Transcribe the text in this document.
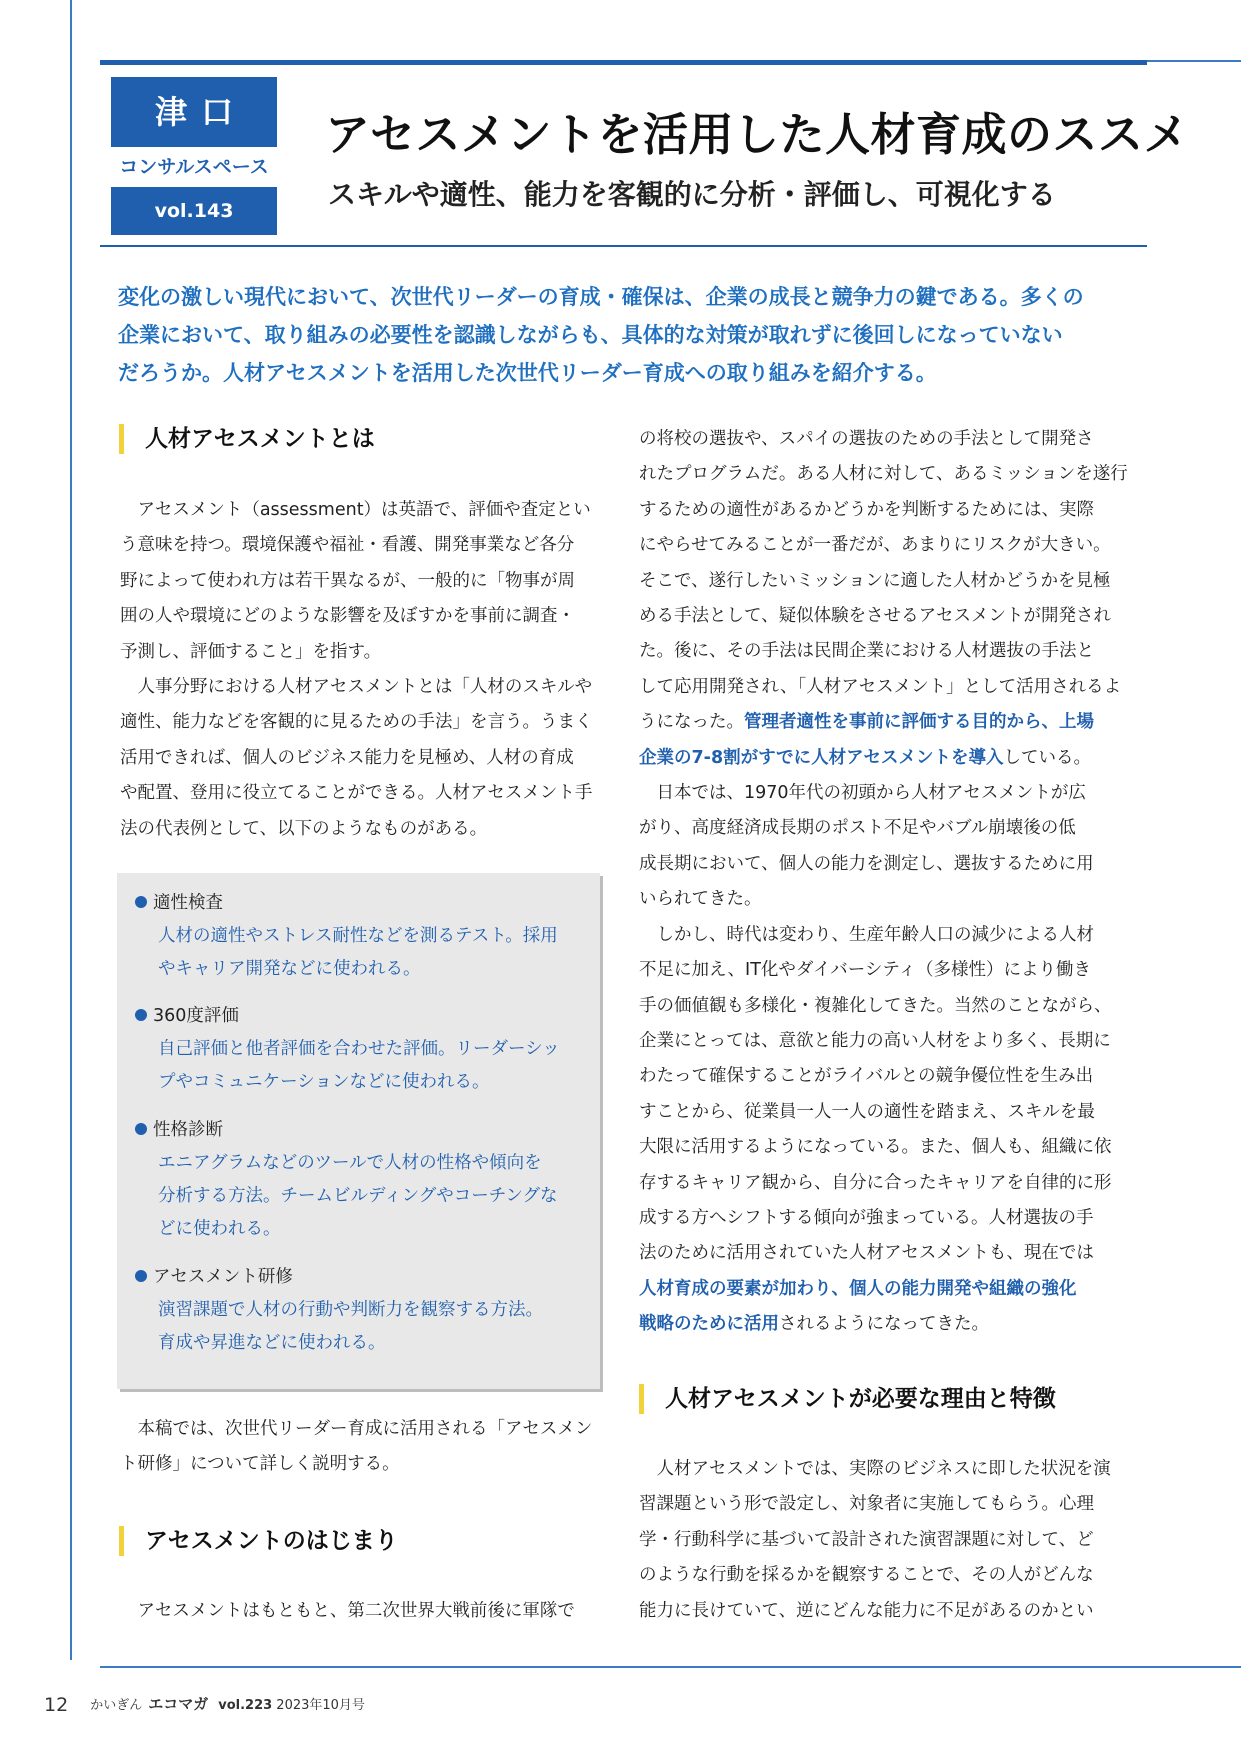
津口
コンサルスペース
vol.143
アセスメントを活用した人材育成のススメ
スキルや適性、能力を客観的に分析・評価し、可視化する

変化の激しい現代において、次世代リーダーの育成・確保は、企業の成長と競争力の鍵である。多くの

企業において、取り組みの必要性を認識しながらも、具体的な対策が取れずに後回しになっていない

だろうか。人材アセスメントを活用した次世代リーダー育成への取り組みを紹介する。

人材アセスメントとは

　アセスメント（assessment）は英語で、評価や査定とい

う意味を持つ。環境保護や福祉・看護、開発事業など各分

野によって使われ方は若干異なるが、一般的に「物事が周

囲の人や環境にどのような影響を及ぼすかを事前に調査・

予測し、評価すること」を指す。

　人事分野における人材アセスメントとは「人材のスキルや

適性、能力などを客観的に見るための手法」を言う。うまく

活用できれば、個人のビジネス能力を見極め、人材の育成

や配置、登用に役立てることができる。人材アセスメント手

法の代表例として、以下のようなものがある。

適性検査
人材の適性やストレス耐性などを測るテスト。採用
やキャリア開発などに使われる。
360度評価
自己評価と他者評価を合わせた評価。リーダーシッ
プやコミュニケーションなどに使われる。
性格診断
エニアグラムなどのツールで人材の性格や傾向を
分析する方法。チームビルディングやコーチングな
どに使われる。
アセスメント研修
演習課題で人材の行動や判断力を観察する方法。
育成や昇進などに使われる。

　本稿では、次世代リーダー育成に活用される「アセスメン

ト研修」について詳しく説明する。

アセスメントのはじまり

　アセスメントはもともと、第二次世界大戦前後に軍隊で

の将校の選抜や、スパイの選抜のための手法として開発さ

れたプログラムだ。ある人材に対して、あるミッションを遂行

するための適性があるかどうかを判断するためには、実際

にやらせてみることが一番だが、あまりにリスクが大きい。

そこで、遂行したいミッションに適した人材かどうかを見極

める手法として、疑似体験をさせるアセスメントが開発され

た。後に、その手法は民間企業における人材選抜の手法と

して応用開発され、「人材アセスメント」として活用されるよ

うになった。管理者適性を事前に評価する目的から、上場

企業の7-8割がすでに人材アセスメントを導入している。

　日本では、1970年代の初頭から人材アセスメントが広

がり、高度経済成長期のポスト不足やバブル崩壊後の低

成長期において、個人の能力を測定し、選抜するために用

いられてきた。

　しかし、時代は変わり、生産年齢人口の減少による人材

不足に加え、IT化やダイバーシティ（多様性）により働き

手の価値観も多様化・複雑化してきた。当然のことながら、

企業にとっては、意欲と能力の高い人材をより多く、長期に

わたって確保することがライバルとの競争優位性を生み出

すことから、従業員一人一人の適性を踏まえ、スキルを最

大限に活用するようになっている。また、個人も、組織に依

存するキャリア観から、自分に合ったキャリアを自律的に形

成する方へシフトする傾向が強まっている。人材選抜の手

法のために活用されていた人材アセスメントも、現在では

人材育成の要素が加わり、個人の能力開発や組織の強化

戦略のために活用されるようになってきた。

人材アセスメントが必要な理由と特徴

　人材アセスメントでは、実際のビジネスに即した状況を演

習課題という形で設定し、対象者に実施してもらう。心理

学・行動科学に基づいて設計された演習課題に対して、ど

のような行動を採るかを観察することで、その人がどんな

能力に長けていて、逆にどんな能力に不足があるのかとい

12 かいぎん エコマガ vol.223 2023年10月号
